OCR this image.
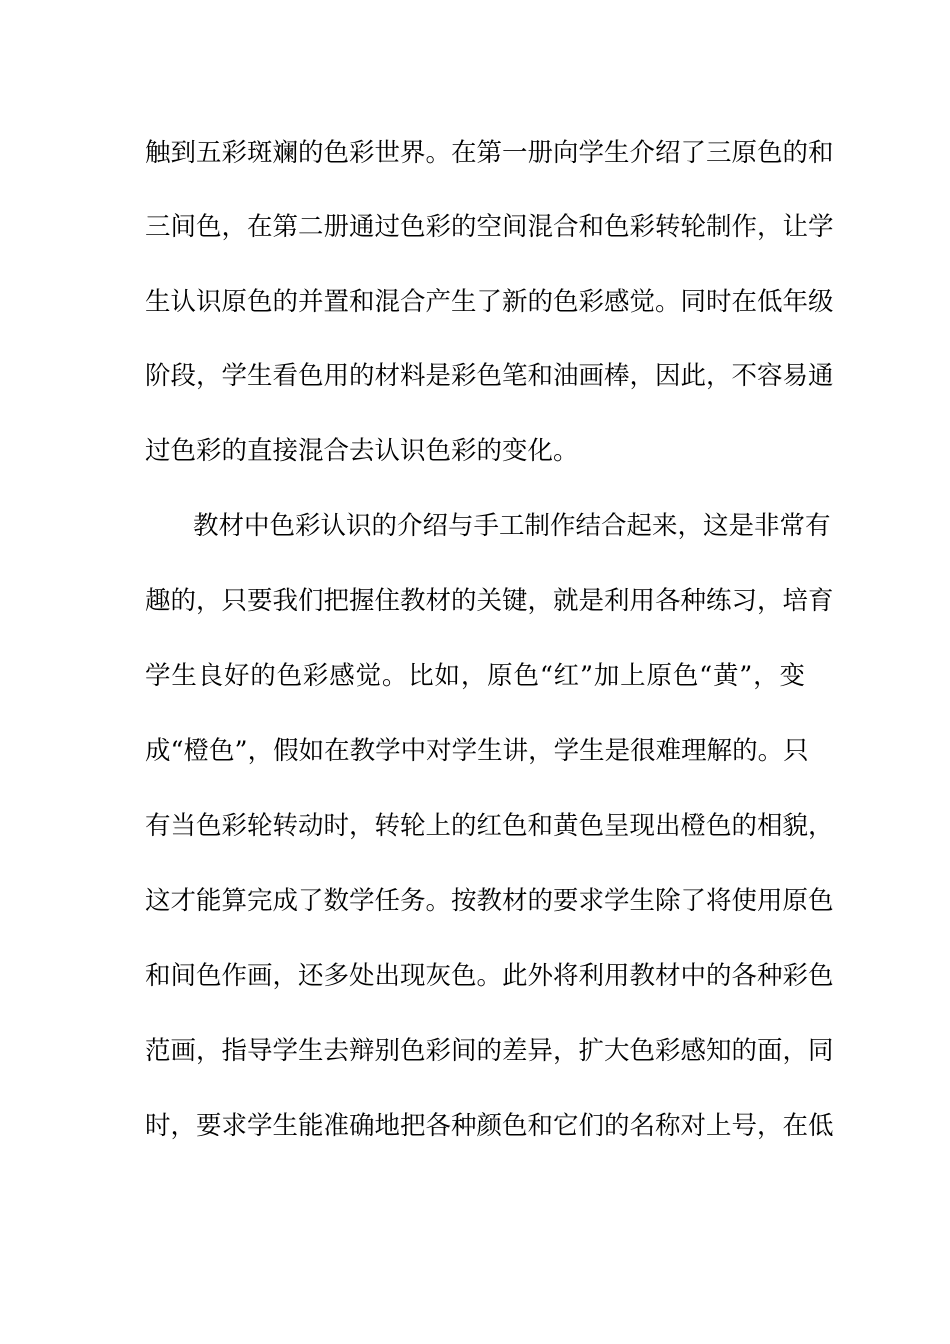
触到五彩斑斓的色彩世界。在第一册向学生介绍了三原色的和
三间色，在第二册通过色彩的空间混合和色彩转轮制作，让学
生认识原色的并置和混合产生了新的色彩感觉。同时在低年级
阶段，学生看色用的材料是彩色笔和油画棒，因此，不容易通
过色彩的直接混合去认识色彩的变化。
教材中色彩认识的介绍与手工制作结合起来，这是非常有
趣的，只要我们把握住教材的关键，就是利用各种练习，培育
学生良好的色彩感觉。比如，原色“红”加上原色“黄”，变
成“橙色”，假如在教学中对学生讲，学生是很难理解的。只
有当色彩轮转动时，转轮上的红色和黄色呈现出橙色的相貌，
这才能算完成了数学任务。按教材的要求学生除了将使用原色
和间色作画，还多处出现灰色。此外将利用教材中的各种彩色
范画，指导学生去辩别色彩间的差异，扩大色彩感知的面，同
时，要求学生能准确地把各种颜色和它们的名称对上号，在低
